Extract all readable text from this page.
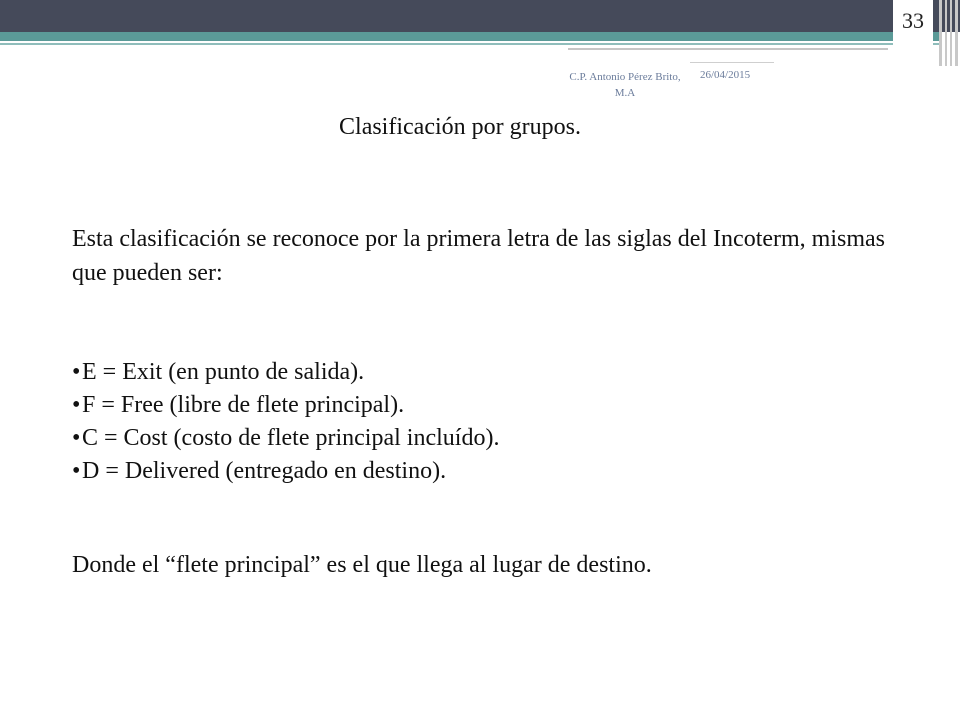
33
C.P. Antonio Pérez Brito, M.A
26/04/2015
Clasificación por grupos.
Esta clasificación se reconoce por la primera letra de las siglas del Incoterm, mismas que pueden ser:
• E = Exit (en punto de salida).
• F = Free (libre de flete principal).
• C = Cost (costo de flete principal incluído).
• D = Delivered (entregado en destino).
Donde el “flete principal” es el que llega al lugar de destino.
